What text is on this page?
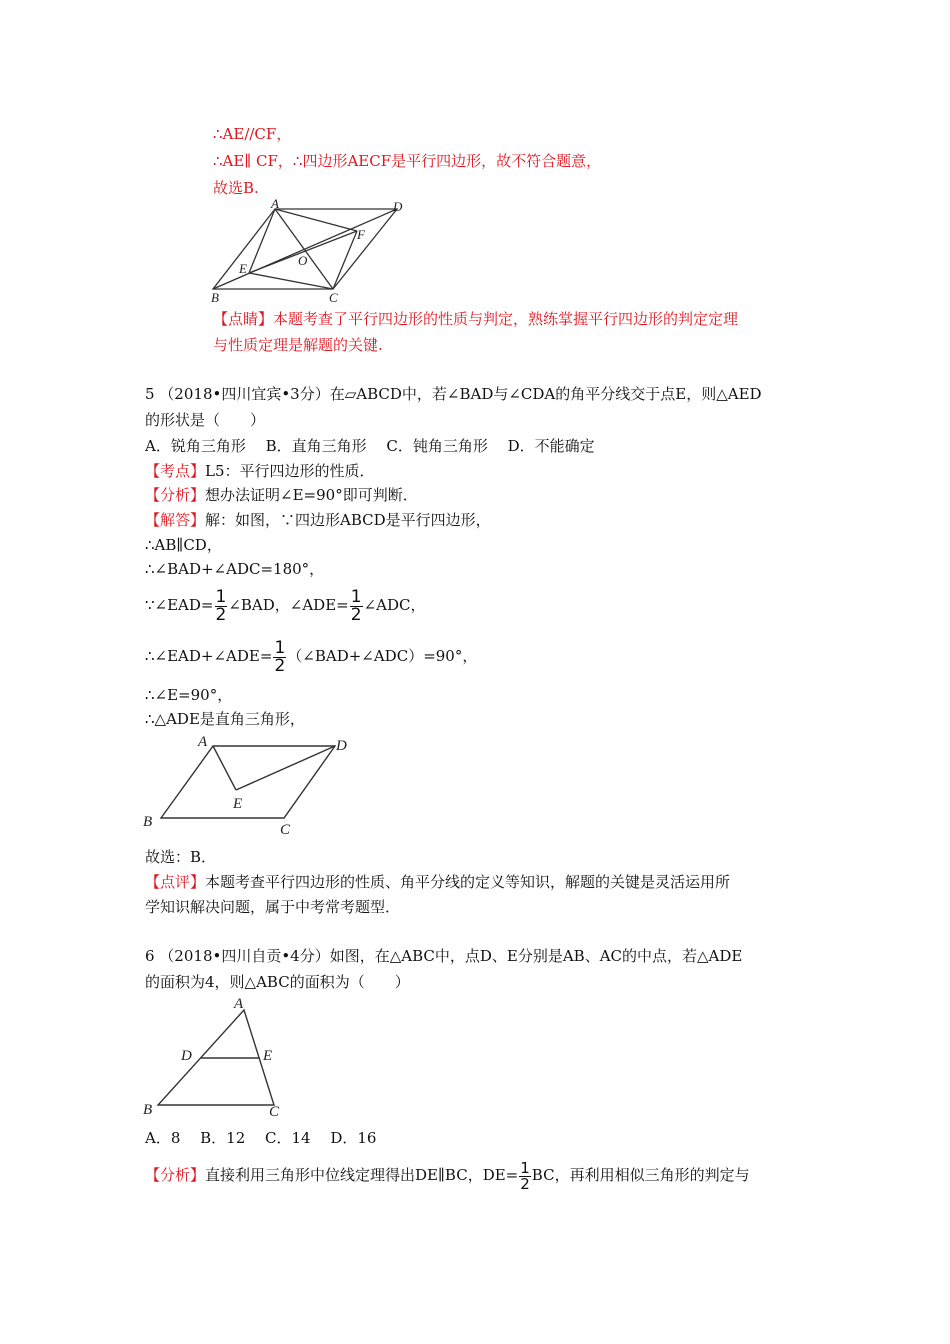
∴AE//CF，
∴AE∥ CF，∴四边形AECF是平行四边形，故不符合题意，
故选B.
A	D
F
O
E
B	C
【点睛】本题考查了平行四边形的性质与判定，熟练掌握平行四边形的判定定理
与性质定理是解题的关键.
5 （2018•四川宜宾•3分）在▱ABCD中，若∠BAD与∠CDA的角平分线交于点E，则△AED
的形状是（　　）
A．锐角三角形　 B．直角三角形　 C．钝角三角形　 D．不能确定
【考点】L5：平行四边形的性质．
【分析】想办法证明∠E=90°即可判断．
【解答】解：如图，∵四边形ABCD是平行四边形，
∴AB∥CD，
∴∠BAD+∠ADC=180°，
∵∠EAD= $\frac{1}{2}$ ∠BAD，∠ADE= $\frac{1}{2}$ ∠ADC，
∴∠EAD+∠ADE= $\frac{1}{2}$ （∠BAD+∠ADC）=90°，
∴∠E=90°，
∴△ADE是直角三角形，
A	D
E
B	C
故选：B．
【点评】本题考查平行四边形的性质、角平分线的定义等知识，解题的关键是灵活运用所
学知识解决问题，属于中考常考题型．
6 （2018•四川自贡•4分）如图，在△ABC中，点D、E分别是AB、AC的中点，若△ADE
的面积为4，则△ABC的面积为（　　）
A
D	E
B	C
A．8　 B．12　 C．14　 D．16
【分析】直接利用三角形中位线定理得出DE∥BC，$DE= \frac{1}{2}$ BC，再利用相似三角形的判定与
